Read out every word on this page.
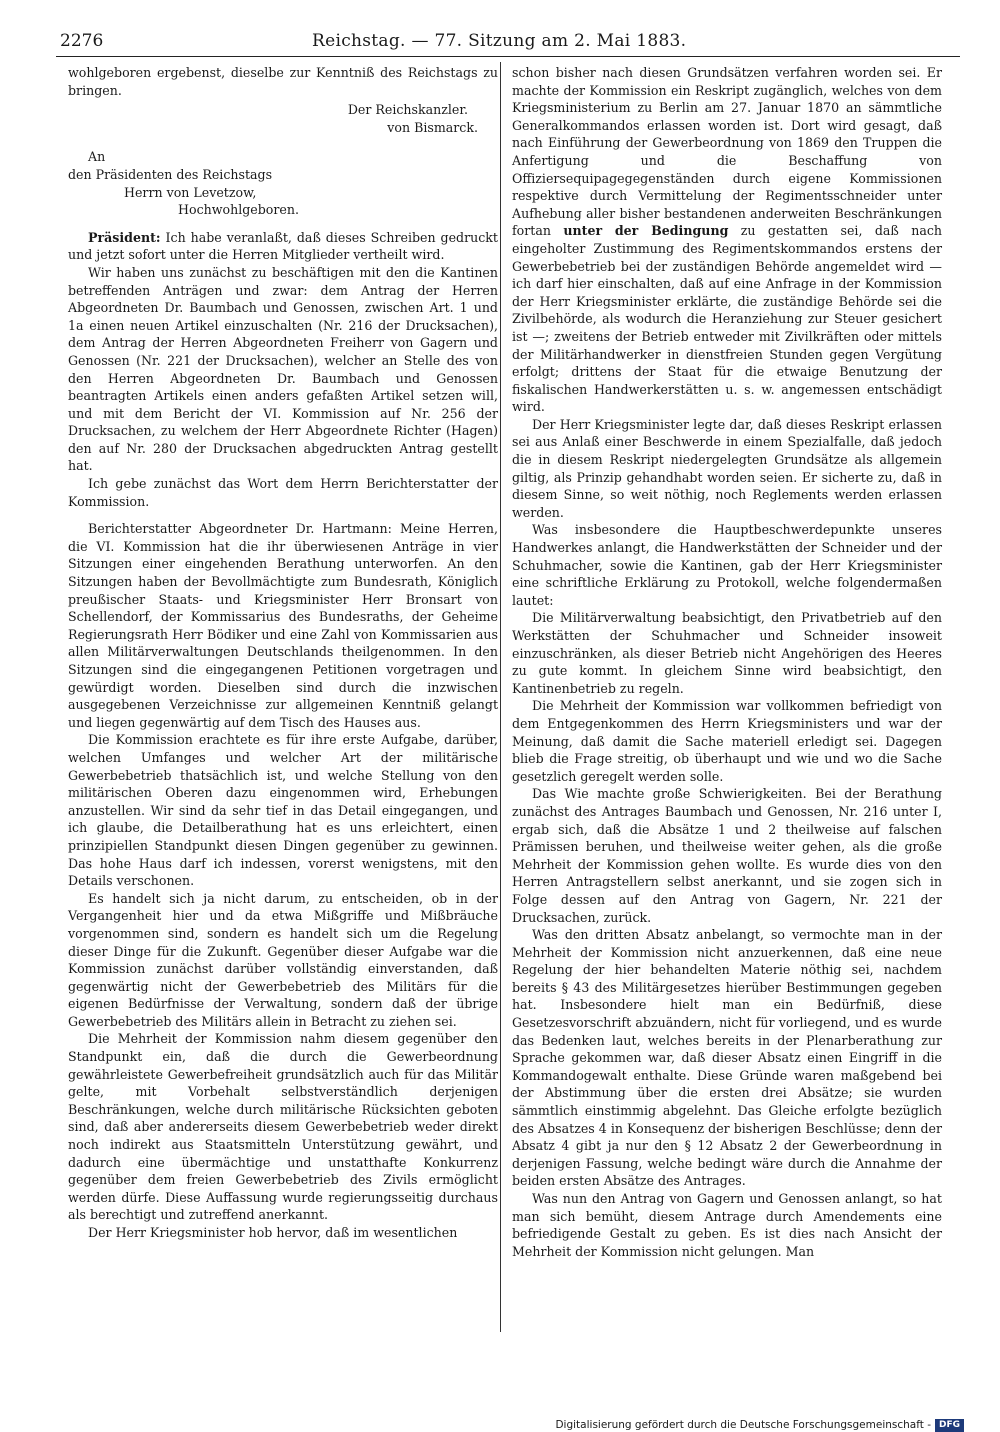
2276	Reichstag. — 77. Sitzung am 2. Mai 1883.

wohlgeboren ergebenst, dieselbe zur Kenntniß des Reichstags zu bringen.

Der Reichskanzler.
von Bismarck.
An
den Präsidenten des Reichstags
Herrn von Levetzow,
Hochwohlgeboren.

Präsident: Ich habe veranlaßt, daß dieses Schreiben gedruckt und jetzt sofort unter die Herren Mitglieder vertheilt wird.

Wir haben uns zunächst zu beschäftigen mit den die Kantinen betreffenden Anträgen und zwar: dem Antrag der Herren Abgeordneten Dr. Baumbach und Genossen, zwischen Art. 1 und 1a einen neuen Artikel einzuschalten (Nr. 216 der Drucksachen), dem Antrag der Herren Abgeordneten Freiherr von Gagern und Genossen (Nr. 221 der Drucksachen), welcher an Stelle des von den Herren Abgeordneten Dr. Baumbach und Genossen beantragten Artikels einen anders gefaßten Artikel setzen will, und mit dem Bericht der VI. Kommission auf Nr. 256 der Drucksachen, zu welchem der Herr Abgeordnete Richter (Hagen) den auf Nr. 280 der Drucksachen abgedruckten Antrag gestellt hat.

Ich gebe zunächst das Wort dem Herrn Berichterstatter der Kommission.

Berichterstatter Abgeordneter Dr. Hartmann: Meine Herren, die VI. Kommission hat die ihr überwiesenen Anträge in vier Sitzungen einer eingehenden Berathung unterworfen. An den Sitzungen haben der Bevollmächtigte zum Bundesrath, Königlich preußischer Staats- und Kriegsminister Herr Bronsart von Schellendorf, der Kommissarius des Bundesraths, der Geheime Regierungsrath Herr Bödiker und eine Zahl von Kommissarien aus allen Militärverwaltungen Deutschlands theilgenommen. In den Sitzungen sind die eingegangenen Petitionen vorgetragen und gewürdigt worden. Dieselben sind durch die inzwischen ausgegebenen Verzeichnisse zur allgemeinen Kenntniß gelangt und liegen gegenwärtig auf dem Tisch des Hauses aus.

Die Kommission erachtete es für ihre erste Aufgabe, darüber, welchen Umfanges und welcher Art der militärische Gewerbebetrieb thatsächlich ist, und welche Stellung von den militärischen Oberen dazu eingenommen wird, Erhebungen anzustellen. Wir sind da sehr tief in das Detail eingegangen, und ich glaube, die Detailberathung hat es uns erleichtert, einen prinzipiellen Standpunkt diesen Dingen gegenüber zu gewinnen. Das hohe Haus darf ich indessen, vorerst wenigstens, mit den Details verschonen.

Es handelt sich ja nicht darum, zu entscheiden, ob in der Vergangenheit hier und da etwa Mißgriffe und Mißbräuche vorgenommen sind, sondern es handelt sich um die Regelung dieser Dinge für die Zukunft. Gegenüber dieser Aufgabe war die Kommission zunächst darüber vollständig einverstanden, daß gegenwärtig nicht der Gewerbebetrieb des Militärs für die eigenen Bedürfnisse der Verwaltung, sondern daß der übrige Gewerbebetrieb des Militärs allein in Betracht zu ziehen sei.

Die Mehrheit der Kommission nahm diesem gegenüber den Standpunkt ein, daß die durch die Gewerbeordnung gewährleistete Gewerbefreiheit grundsätzlich auch für das Militär gelte, mit Vorbehalt selbstverständlich derjenigen Beschränkungen, welche durch militärische Rücksichten geboten sind, daß aber andererseits diesem Gewerbebetrieb weder direkt noch indirekt aus Staatsmitteln Unterstützung gewährt, und dadurch eine übermächtige und unstatthafte Konkurrenz gegenüber dem freien Gewerbebetrieb des Zivils ermöglicht werden dürfe. Diese Auffassung wurde regierungsseitig durchaus als berechtigt und zutreffend anerkannt.

Der Herr Kriegsminister hob hervor, daß im wesentlichen

schon bisher nach diesen Grundsätzen verfahren worden sei. Er machte der Kommission ein Reskript zugänglich, welches von dem Kriegsministerium zu Berlin am 27. Januar 1870 an sämmtliche Generalkommandos erlassen worden ist. Dort wird gesagt, daß nach Einführung der Gewerbeordnung von 1869 den Truppen die Anfertigung und die Beschaffung von Offiziersequipagegegenständen durch eigene Kommissionen respektive durch Vermittelung der Regimentsschneider unter Aufhebung aller bisher bestandenen anderweiten Beschränkungen fortan unter der Bedingung zu gestatten sei, daß nach eingeholter Zustimmung des Regimentskommandos erstens der Gewerbebetrieb bei der zuständigen Behörde angemeldet wird — ich darf hier einschalten, daß auf eine Anfrage in der Kommission der Herr Kriegsminister erklärte, die zuständige Behörde sei die Zivilbehörde, als wodurch die Heranziehung zur Steuer gesichert ist —; zweitens der Betrieb entweder mit Zivilkräften oder mittels der Militärhandwerker in dienstfreien Stunden gegen Vergütung erfolgt; drittens der Staat für die etwaige Benutzung der fiskalischen Handwerkerstätten u. s. w. angemessen entschädigt wird.

Der Herr Kriegsminister legte dar, daß dieses Reskript erlassen sei aus Anlaß einer Beschwerde in einem Spezialfalle, daß jedoch die in diesem Reskript niedergelegten Grundsätze als allgemein giltig, als Prinzip gehandhabt worden seien. Er sicherte zu, daß in diesem Sinne, so weit nöthig, noch Reglements werden erlassen werden.

Was insbesondere die Hauptbeschwerdepunkte unseres Handwerkes anlangt, die Handwerkstätten der Schneider und der Schuhmacher, sowie die Kantinen, gab der Herr Kriegsminister eine schriftliche Erklärung zu Protokoll, welche folgendermaßen lautet:

Die Militärverwaltung beabsichtigt, den Privatbetrieb auf den Werkstätten der Schuhmacher und Schneider insoweit einzuschränken, als dieser Betrieb nicht Angehörigen des Heeres zu gute kommt. In gleichem Sinne wird beabsichtigt, den Kantinenbetrieb zu regeln.

Die Mehrheit der Kommission war vollkommen befriedigt von dem Entgegenkommen des Herrn Kriegsministers und war der Meinung, daß damit die Sache materiell erledigt sei. Dagegen blieb die Frage streitig, ob überhaupt und wie und wo die Sache gesetzlich geregelt werden solle.

Das Wie machte große Schwierigkeiten. Bei der Berathung zunächst des Antrages Baumbach und Genossen, Nr. 216 unter I, ergab sich, daß die Absätze 1 und 2 theilweise auf falschen Prämissen beruhen, und theilweise weiter gehen, als die große Mehrheit der Kommission gehen wollte. Es wurde dies von den Herren Antragstellern selbst anerkannt, und sie zogen sich in Folge dessen auf den Antrag von Gagern, Nr. 221 der Drucksachen, zurück.

Was den dritten Absatz anbelangt, so vermochte man in der Mehrheit der Kommission nicht anzuerkennen, daß eine neue Regelung der hier behandelten Materie nöthig sei, nachdem bereits § 43 des Militärgesetzes hierüber Bestimmungen gegeben hat. Insbesondere hielt man ein Bedürfniß, diese Gesetzesvorschrift abzuändern, nicht für vorliegend, und es wurde das Bedenken laut, welches bereits in der Plenarberathung zur Sprache gekommen war, daß dieser Absatz einen Eingriff in die Kommandogewalt enthalte. Diese Gründe waren maßgebend bei der Abstimmung über die ersten drei Absätze; sie wurden sämmtlich einstimmig abgelehnt. Das Gleiche erfolgte bezüglich des Absatzes 4 in Konsequenz der bisherigen Beschlüsse; denn der Absatz 4 gibt ja nur den § 12 Absatz 2 der Gewerbeordnung in derjenigen Fassung, welche bedingt wäre durch die Annahme der beiden ersten Absätze des Antrages.

Was nun den Antrag von Gagern und Genossen anlangt, so hat man sich bemüht, diesem Antrage durch Amendements eine befriedigende Gestalt zu geben. Es ist dies nach Ansicht der Mehrheit der Kommission nicht gelungen. Man

Digitalisierung gefördert durch die Deutsche Forschungsgemeinschaft - DFG
